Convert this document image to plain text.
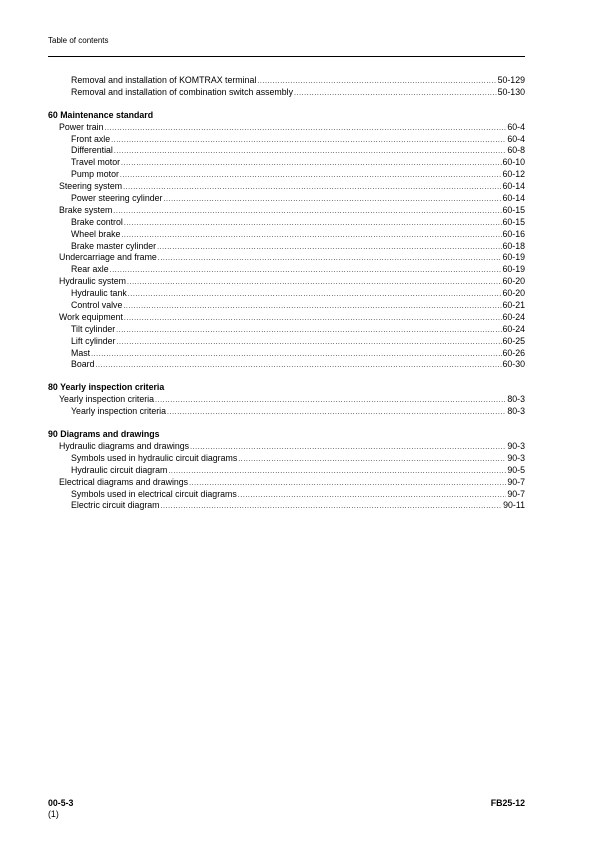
Table of contents
Removal and installation of KOMTRAX terminal .....	50-129
Removal and installation of combination switch assembly .....	50-130
60 Maintenance standard
Power train .....	60-4
Front axle .....	60-4
Differential .....	60-8
Travel motor .....	60-10
Pump motor .....	60-12
Steering system .....	60-14
Power steering cylinder .....	60-14
Brake system .....	60-15
Brake control .....	60-15
Wheel brake .....	60-16
Brake master cylinder .....	60-18
Undercarriage and frame .....	60-19
Rear axle .....	60-19
Hydraulic system .....	60-20
Hydraulic tank .....	60-20
Control valve .....	60-21
Work equipment .....	60-24
Tilt cylinder .....	60-24
Lift cylinder .....	60-25
Mast .....	60-26
Board .....	60-30
80 Yearly inspection criteria
Yearly inspection criteria .....	80-3
Yearly inspection criteria .....	80-3
90 Diagrams and drawings
Hydraulic diagrams and drawings .....	90-3
Symbols used in hydraulic circuit diagrams .....	90-3
Hydraulic circuit diagram .....	90-5
Electrical diagrams and drawings .....	90-7
Symbols used in electrical circuit diagrams .....	90-7
Electric circuit diagram .....	90-11
00-5-3
(1)
FB25-12
